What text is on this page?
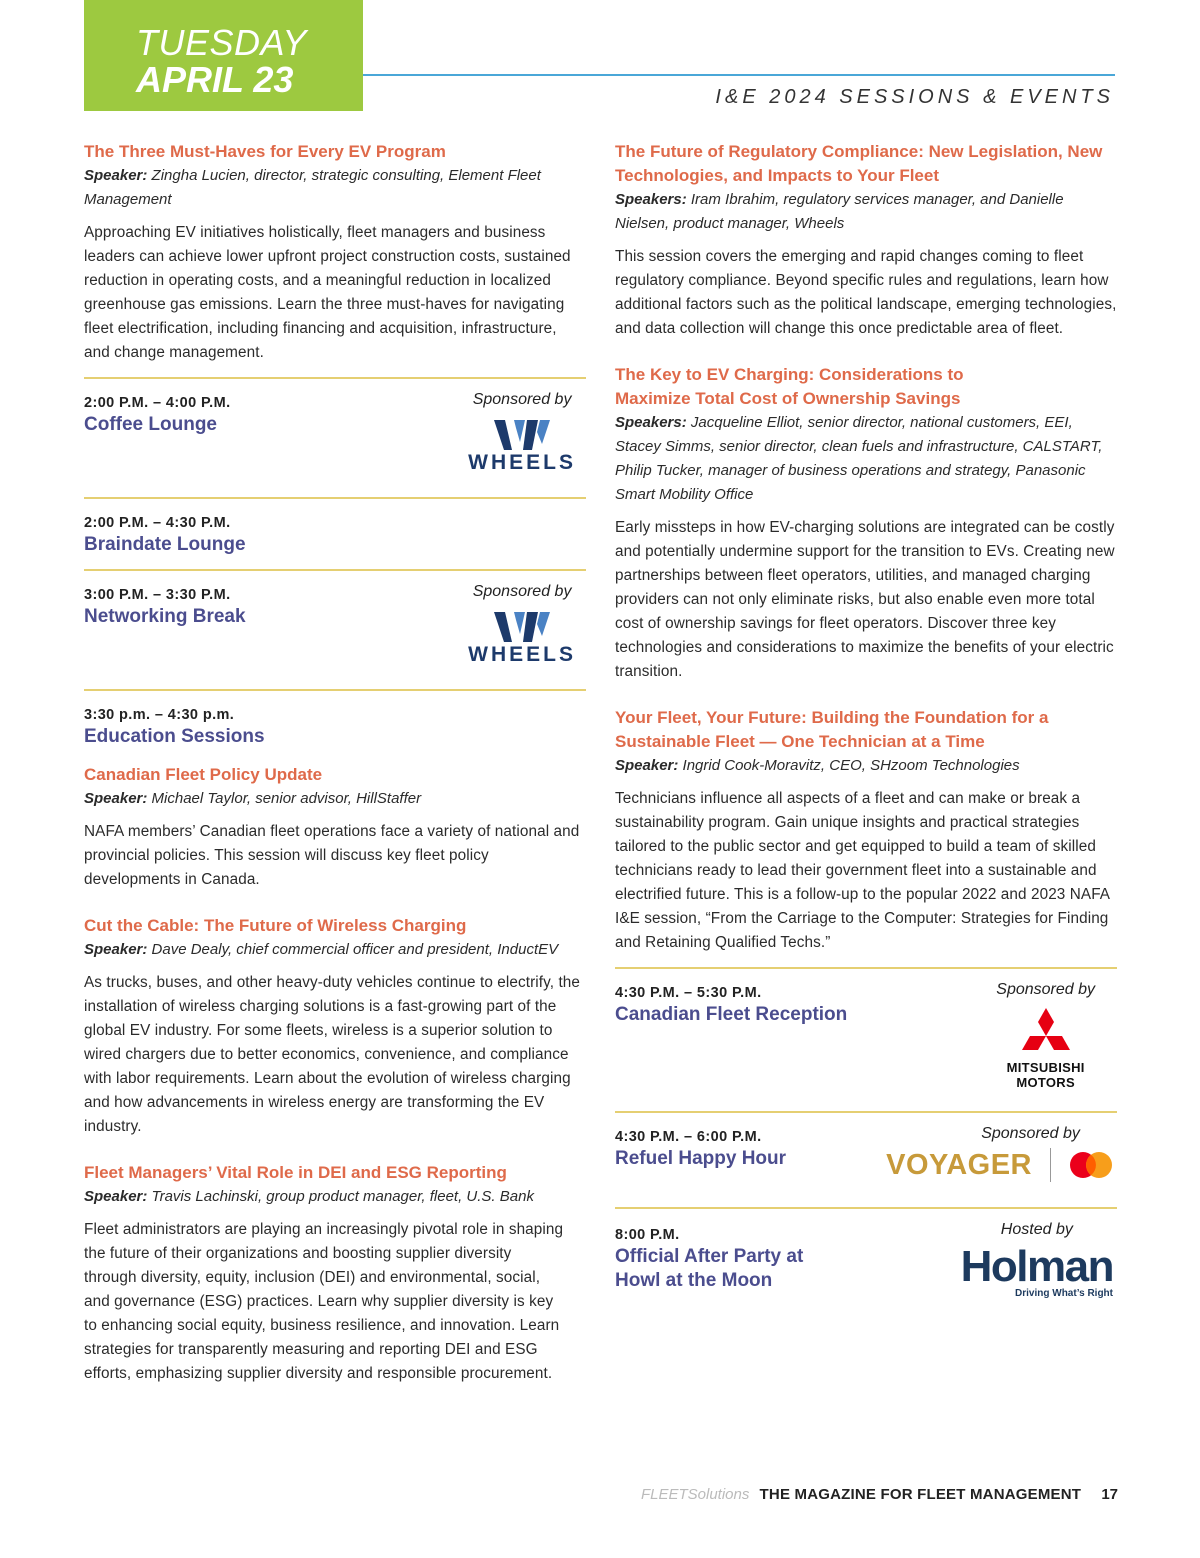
TUESDAY
APRIL 23	I&E 2024 SESSIONS & EVENTS
The Three Must-Haves for Every EV Program
Speaker: Zingha Lucien, director, strategic consulting, Element Fleet Management
Approaching EV initiatives holistically, fleet managers and business leaders can achieve lower upfront project construction costs, sustained reduction in operating costs, and a meaningful reduction in localized greenhouse gas emissions. Learn the three must-haves for navigating fleet electrification, including financing and acquisition, infrastructure, and change management.
2:00 P.M. – 4:00 P.M.
Coffee Lounge
Sponsored by
WHEELS
2:00 P.M. – 4:30 P.M.
Braindate Lounge
3:00 P.M. – 3:30 P.M.
Networking Break
Sponsored by
WHEELS
3:30 p.m. – 4:30 p.m.
Education Sessions
Canadian Fleet Policy Update
Speaker: Michael Taylor, senior advisor, HillStaffer
NAFA members’ Canadian fleet operations face a variety of national and provincial policies. This session will discuss key fleet policy developments in Canada.
Cut the Cable: The Future of Wireless Charging
Speaker: Dave Dealy, chief commercial officer and president, InductEV
As trucks, buses, and other heavy-duty vehicles continue to electrify, the installation of wireless charging solutions is a fast-growing part of the global EV industry. For some fleets, wireless is a superior solution to wired chargers due to better economics, convenience, and compliance with labor requirements. Learn about the evolution of wireless charging and how advancements in wireless energy are transforming the EV industry.
Fleet Managers’ Vital Role in DEI and ESG Reporting
Speaker: Travis Lachinski, group product manager, fleet, U.S. Bank
Fleet administrators are playing an increasingly pivotal role in shaping the future of their organizations and boosting supplier diversity through diversity, equity, inclusion (DEI) and environmental, social, and governance (ESG) practices. Learn why supplier diversity is key to enhancing social equity, business resilience, and innovation. Learn strategies for transparently measuring and reporting DEI and ESG efforts, emphasizing supplier diversity and responsible procurement.
The Future of Regulatory Compliance: New Legislation, New Technologies, and Impacts to Your Fleet
Speakers: Iram Ibrahim, regulatory services manager, and Danielle Nielsen, product manager, Wheels
This session covers the emerging and rapid changes coming to fleet regulatory compliance. Beyond specific rules and regulations, learn how additional factors such as the political landscape, emerging technologies, and data collection will change this once predictable area of fleet.
The Key to EV Charging: Considerations to Maximize Total Cost of Ownership Savings
Speakers: Jacqueline Elliot, senior director, national customers, EEI, Stacey Simms, senior director, clean fuels and infrastructure, CALSTART, Philip Tucker, manager of business operations and strategy, Panasonic Smart Mobility Office
Early missteps in how EV-charging solutions are integrated can be costly and potentially undermine support for the transition to EVs. Creating new partnerships between fleet operators, utilities, and managed charging providers can not only eliminate risks, but also enable even more total cost of ownership savings for fleet operators. Discover three key technologies and considerations to maximize the benefits of your electric transition.
Your Fleet, Your Future: Building the Foundation for a Sustainable Fleet — One Technician at a Time
Speaker: Ingrid Cook-Moravitz, CEO, SHzoom Technologies
Technicians influence all aspects of a fleet and can make or break a sustainability program. Gain unique insights and practical strategies tailored to the public sector and get equipped to build a team of skilled technicians ready to lead their government fleet into a sustainable and electrified future. This is a follow-up to the popular 2022 and 2023 NAFA I&E session, “From the Carriage to the Computer: Strategies for Finding and Retaining Qualified Techs.”
4:30 P.M. – 5:30 P.M.
Canadian Fleet Reception
Sponsored by
MITSUBISHI
MOTORS
4:30 P.M. – 6:00 P.M.
Refuel Happy Hour
Sponsored by
VOYAGER
8:00 P.M.
Official After Party at
Howl at the Moon
Hosted by
Holman
Driving What’s Right
FLEETSolutions THE MAGAZINE FOR FLEET MANAGEMENT 17
